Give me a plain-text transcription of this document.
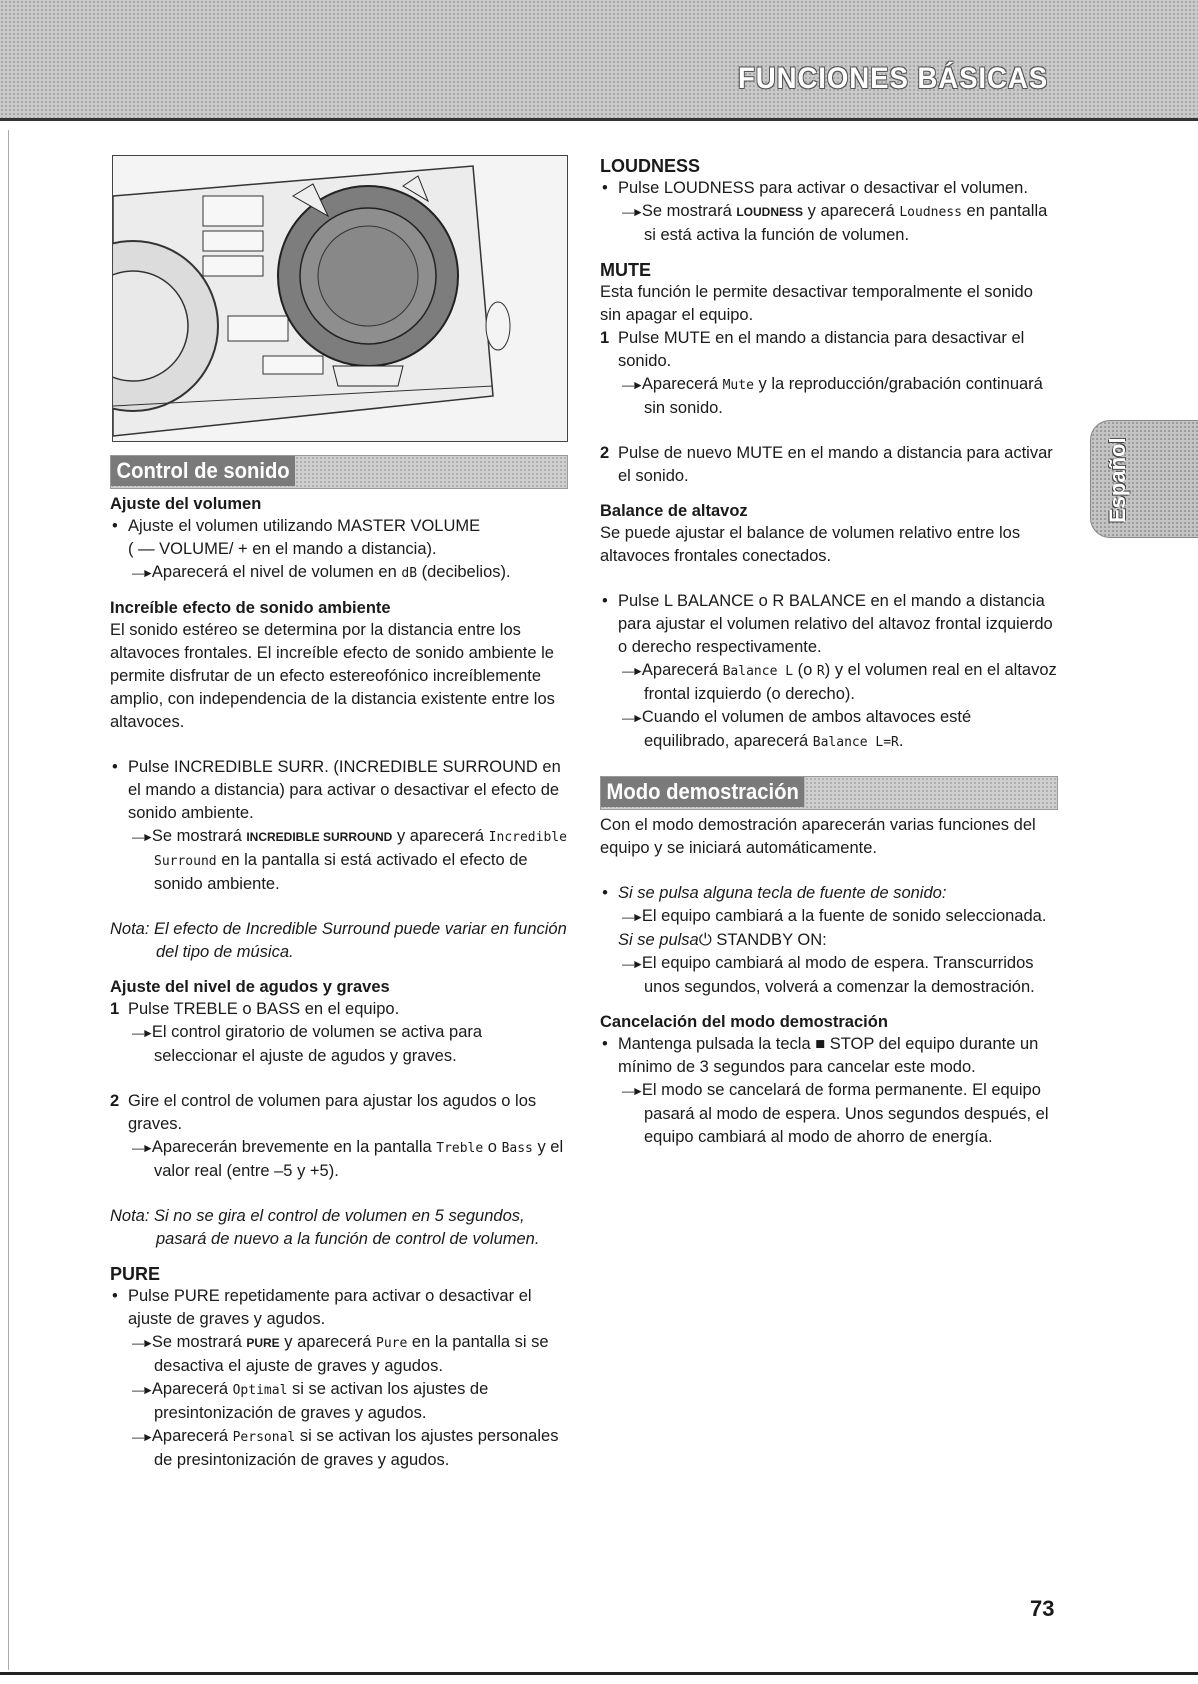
FUNCIONES BÁSICAS
Control de sonido
Ajuste del volumen

• Ajuste el volumen utilizando MASTER VOLUME
( — VOLUME/ + en el mando a distancia).

—►Aparecerá el nivel de volumen en dB (decibelios).

Increíble efecto de sonido ambiente

El sonido estéreo se determina por la distancia entre los altavoces frontales. El increíble efecto de sonido ambiente le permite disfrutar de un efecto estereofónico increíblemente amplio, con independencia de la distancia existente entre los altavoces.

• Pulse INCREDIBLE SURR. (INCREDIBLE SURROUND en el mando a distancia) para activar o desactivar el efecto de sonido ambiente.

—►Se mostrará INCREDIBLE SURROUND y aparecerá Incredible Surround en la pantalla si está activado el efecto de sonido ambiente.

Nota: El efecto de Incredible Surround puede variar en función del tipo de música.

Ajuste del nivel de agudos y graves

1 Pulse TREBLE o BASS en el equipo.

—►El control giratorio de volumen se activa para seleccionar el ajuste de agudos y graves.

2 Gire el control de volumen para ajustar los agudos o los graves.

—►Aparecerán brevemente en la pantalla Treble o Bass y el valor real (entre –5 y +5).

Nota: Si no se gira el control de volumen en 5 segundos, pasará de nuevo a la función de control de volumen.

PURE

• Pulse PURE repetidamente para activar o desactivar el ajuste de graves y agudos.

—►Se mostrará PURE y aparecerá Pure en la pantalla si se desactiva el ajuste de graves y agudos.

—►Aparecerá Optimal si se activan los ajustes de presintonización de graves y agudos.

—►Aparecerá Personal si se activan los ajustes personales de presintonización de graves y agudos.

LOUDNESS

• Pulse LOUDNESS para activar o desactivar el volumen.

—►Se mostrará LOUDNESS y aparecerá Loudness en pantalla si está activa la función de volumen.

MUTE

Esta función le permite desactivar temporalmente el sonido sin apagar el equipo.

1 Pulse MUTE en el mando a distancia para desactivar el sonido.

—►Aparecerá Mute y la reproducción/grabación continuará sin sonido.

2 Pulse de nuevo MUTE en el mando a distancia para activar el sonido.

Balance de altavoz

Se puede ajustar el balance de volumen relativo entre los altavoces frontales conectados.

• Pulse L BALANCE o R BALANCE en el mando a distancia para ajustar el volumen relativo del altavoz frontal izquierdo o derecho respectivamente.

—►Aparecerá Balance L (o R) y el volumen real en el altavoz frontal izquierdo (o derecho).

—►Cuando el volumen de ambos altavoces esté equilibrado, aparecerá Balance L=R.

Modo demostración

Con el modo demostración aparecerán varias funciones del equipo y se iniciará automáticamente.

• Si se pulsa alguna tecla de fuente de sonido:

—►El equipo cambiará a la fuente de sonido seleccionada.

Si se pulsa⏻ STANDBY ON:

—►El equipo cambiará al modo de espera. Transcurridos unos segundos, volverá a comenzar la demostración.

Cancelación del modo demostración

• Mantenga pulsada la tecla ■ STOP del equipo durante un mínimo de 3 segundos para cancelar este modo.

—►El modo se cancelará de forma permanente. El equipo pasará al modo de espera. Unos segundos después, el equipo cambiará al modo de ahorro de energía.

Español
73
